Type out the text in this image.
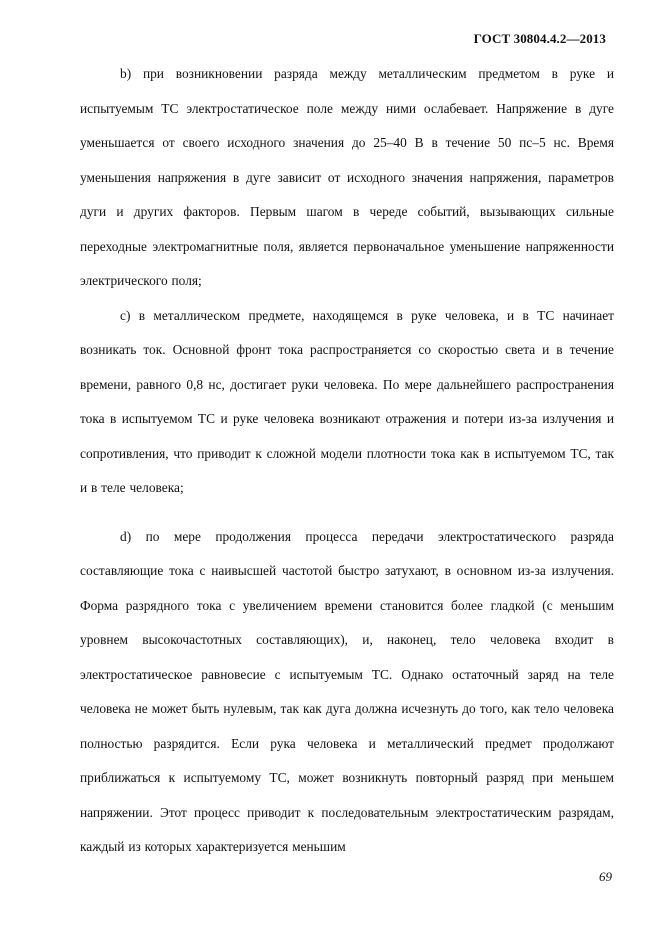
ГОСТ 30804.4.2—2013

b) при возникновении разряда между металлическим предметом в руке и испытуемым ТС электростатическое поле между ними ослабевает. Напряжение в дуге уменьшается от своего исходного значения до 25–40 В в течение 50 пс–5 нс. Время уменьшения напряжения в дуге зависит от исходного значения напряжения, параметров дуги и других факторов. Первым шагом в череде событий, вызывающих сильные переходные электромагнитные поля, является первоначальное уменьшение напряженности электрического поля;

c) в металлическом предмете, находящемся в руке человека, и в ТС начинает возникать ток. Основной фронт тока распространяется со скоростью света и в течение времени, равного 0,8 нс, достигает руки человека. По мере дальнейшего распространения тока в испытуемом ТС и руке человека возникают отражения и потери из-за излучения и сопротивления, что приводит к сложной модели плотности тока как в испытуемом ТС, так и в теле человека;

d) по мере продолжения процесса передачи электростатического разряда составляющие тока с наивысшей частотой быстро затухают, в основном из-за излучения. Форма разрядного тока с увеличением времени становится более гладкой (с меньшим уровнем высокочастотных составляющих), и, наконец, тело человека входит в электростатическое равновесие с испытуемым ТС. Однако остаточный заряд на теле человека не может быть нулевым, так как дуга должна исчезнуть до того, как тело человека полностью разрядится. Если рука человека и металлический предмет продолжают приближаться к испытуемому ТС, может возникнуть повторный разряд при меньшем напряжении. Этот процесс приводит к последовательным электростатическим разрядам, каждый из которых характеризуется меньшим

69
